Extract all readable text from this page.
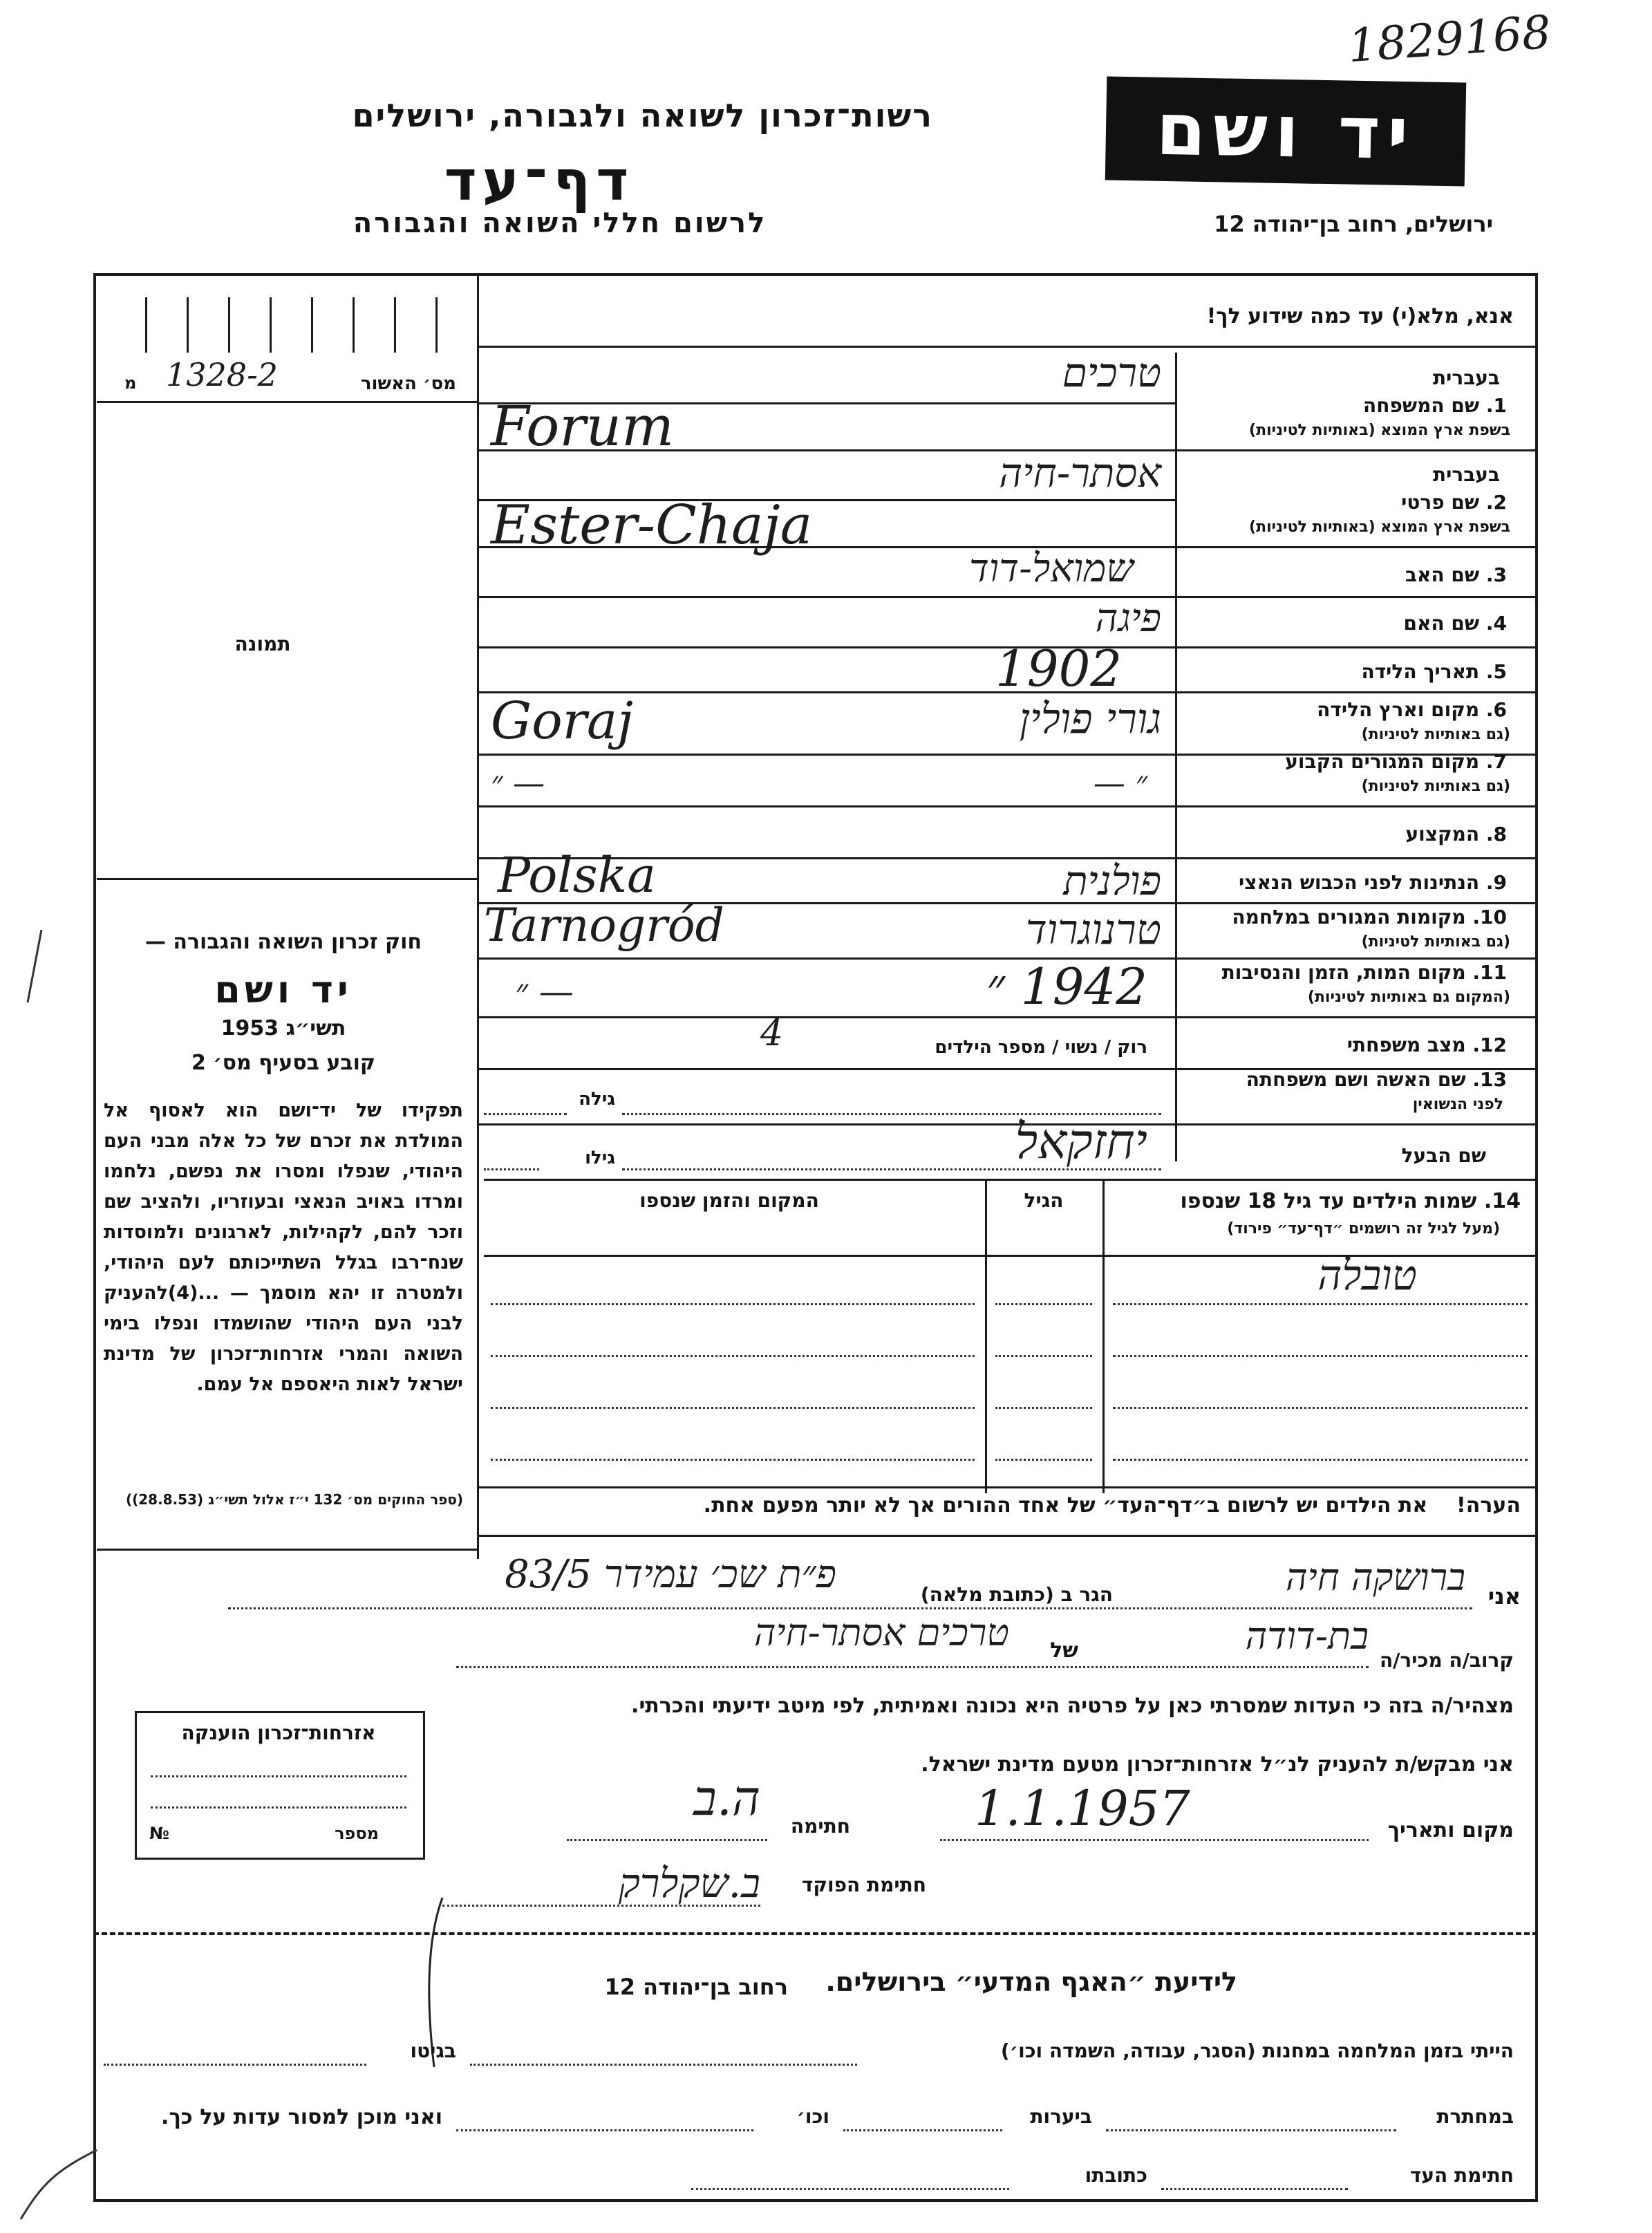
1829168
רשות־זכרון לשואה ולגבורה, ירושלים
דף־עד
לרשום חללי השואה והגבורה
יד ושם
ירושלים, רחוב בן־יהודה 12
אנא, מלא(י) עד כמה שידוע לך!
מס׳ האשור
1328-2
מ
תמונה
חוק זכרון השואה והגבורה —
יד ושם
תשי״ג 1953
קובע בסעיף מס׳ 2
תפקידו של יד־ושם הוא לאסוף אל המולדת את זכרם של כל אלה מבני העם היהודי, שנפלו ומסרו את נפשם, נלחמו ומרדו באויב הנאצי ובעוזריו, ולהציב שם וזכר להם, לקהילות, לארגונים ולמוסדות שנח־רבו בגלל השתייכותם לעם היהודי, ולמטרה זו יהא מוסמך — ...(4)להעניק לבני העם היהודי שהושמדו ונפלו בימי השואה והמרי אזרחות־זכרון של מדינת ישראל לאות היאספם אל עמם.
(ספר החוקים מס׳ 132 י״ז אלול תשי״ג (28.8.53))
בעברית
1. שם המשפחה
בשפת ארץ המוצא (באותיות לטיניות)
טרכים
Forum
בעברית
2. שם פרטי
בשפת ארץ המוצא (באותיות לטיניות)
אסתר-חיה
Ester-Chaja
3. שם האב
שמואל-דוד
4. שם האם
פיגה
5. תאריך הלידה
1902
6. מקום וארץ הלידה
(גם באותיות לטיניות)
גורי פולין
Goraj
7. מקום המגורים הקבוע
(גם באותיות לטיניות)
״ —
״ —
8. המקצוע
9. הנתינות לפני הכבוש הנאצי
פולנית
Polska
10. מקומות המגורים במלחמה
(גם באותיות לטיניות)
טרנוגרוד
Tarnogród
11. מקום המות, הזמן והנסיבות
(המקום גם באותיות לטיניות)
1942 ״
״ —
12. מצב משפחתי
רוק / נשוי / מספר הילדים
4
13. שם האשה ושם משפחתה
לפני הנשואין
גילה
שם הבעל
יחזקאל
גילו
14. שמות הילדים עד גיל 18 שנספו
(מעל לגיל זה רושמים ״דף־עד״ פירוד)
הגיל
המקום והזמן שנספו
טובלה
הערה!    את הילדים יש לרשום ב״דף־העד״ של אחד ההורים אך לא יותר מפעם אחת.
אני
ברושקה חיה
הגר ב (כתובת מלאה)
פ״ת שכ׳ עמידר 83/5
קרוב/ה מכיר/ה
בת-דודה
של
טרכים אסתר-חיה
מצהיר/ה בזה כי העדות שמסרתי כאן על פרטיה היא נכונה ואמיתית, לפי מיטב ידיעתי והכרתי.
אני מבקש/ת להעניק לנ״ל אזרחות־זכרון מטעם מדינת ישראל.
מקום ותאריך
1.1.1957
חתימה
ה.ב
חתימת הפוקד
ב.שקלרק
אזרחות־זכרון הוענקה
№	מספר
לידיעת ״האגף המדעי״ בירושלים.
רחוב בן־יהודה 12
הייתי בזמן המלחמה במחנות (הסגר, עבודה, השמדה וכו׳)
בגיטו
במחתרת
ביערות
וכו׳
ואני מוכן למסור עדות על כך.
חתימת העד
כתובתו
